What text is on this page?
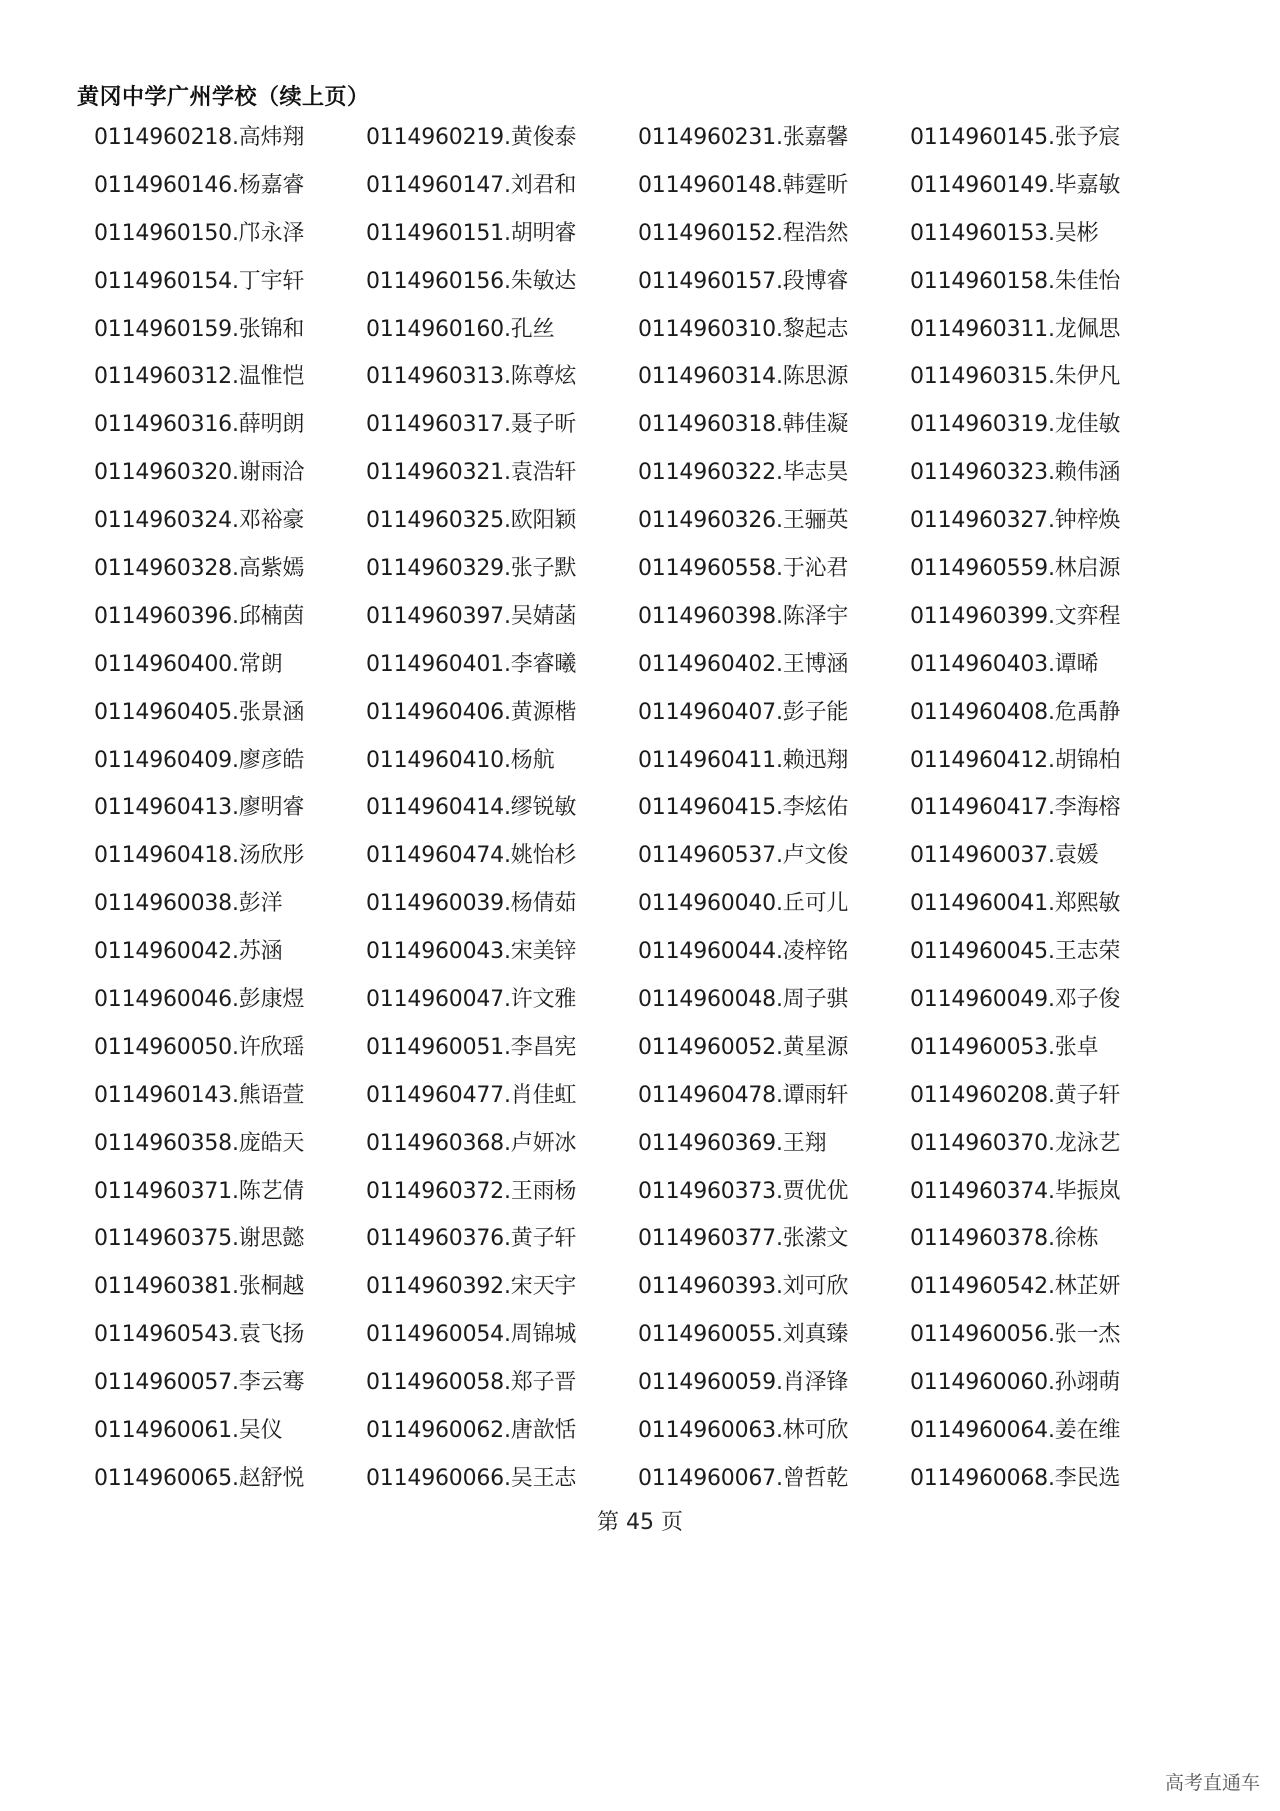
黄冈中学广州学校（续上页）
0114960218.高炜翔	0114960219.黄俊泰	0114960231.张嘉馨	0114960145.张予宸
0114960146.杨嘉睿	0114960147.刘君和	0114960148.韩霆昕	0114960149.毕嘉敏
0114960150.邝永泽	0114960151.胡明睿	0114960152.程浩然	0114960153.吴彬
0114960154.丁宇轩	0114960156.朱敏达	0114960157.段博睿	0114960158.朱佳怡
0114960159.张锦和	0114960160.孔丝	0114960310.黎起志	0114960311.龙佩思
0114960312.温惟恺	0114960313.陈尊炫	0114960314.陈思源	0114960315.朱伊凡
0114960316.薛明朗	0114960317.聂子昕	0114960318.韩佳凝	0114960319.龙佳敏
0114960320.谢雨洽	0114960321.袁浩轩	0114960322.毕志昊	0114960323.赖伟涵
0114960324.邓裕豪	0114960325.欧阳颖	0114960326.王骊英	0114960327.钟梓焕
0114960328.高紫嫣	0114960329.张子默	0114960558.于沁君	0114960559.林启源
0114960396.邱楠茵	0114960397.吴婧菡	0114960398.陈泽宇	0114960399.文弈程
0114960400.常朗	0114960401.李睿曦	0114960402.王博涵	0114960403.谭晞
0114960405.张景涵	0114960406.黄源楷	0114960407.彭子能	0114960408.危禹静
0114960409.廖彦皓	0114960410.杨航	0114960411.赖迅翔	0114960412.胡锦柏
0114960413.廖明睿	0114960414.缪锐敏	0114960415.李炫佑	0114960417.李海榕
0114960418.汤欣彤	0114960474.姚怡杉	0114960537.卢文俊	0114960037.袁媛
0114960038.彭洋	0114960039.杨倩茹	0114960040.丘可儿	0114960041.郑熙敏
0114960042.苏涵	0114960043.宋美锌	0114960044.凌梓铭	0114960045.王志荣
0114960046.彭康煜	0114960047.许文雅	0114960048.周子骐	0114960049.邓子俊
0114960050.许欣瑶	0114960051.李昌宪	0114960052.黄星源	0114960053.张卓
0114960143.熊语萱	0114960477.肖佳虹	0114960478.谭雨轩	0114960208.黄子轩
0114960358.庞皓天	0114960368.卢妍冰	0114960369.王翔	0114960370.龙泳艺
0114960371.陈艺倩	0114960372.王雨杨	0114960373.贾优优	0114960374.毕振岚
0114960375.谢思懿	0114960376.黄子轩	0114960377.张潆文	0114960378.徐栋
0114960381.张桐越	0114960392.宋天宇	0114960393.刘可欣	0114960542.林芷妍
0114960543.袁飞扬	0114960054.周锦城	0114960055.刘真臻	0114960056.张一杰
0114960057.李云骞	0114960058.郑子晋	0114960059.肖泽锋	0114960060.孙翊萌
0114960061.吴仪	0114960062.唐歆恬	0114960063.林可欣	0114960064.姜在维
0114960065.赵舒悦	0114960066.吴王志	0114960067.曾哲乾	0114960068.李民选
第 45 页
高考直通车
